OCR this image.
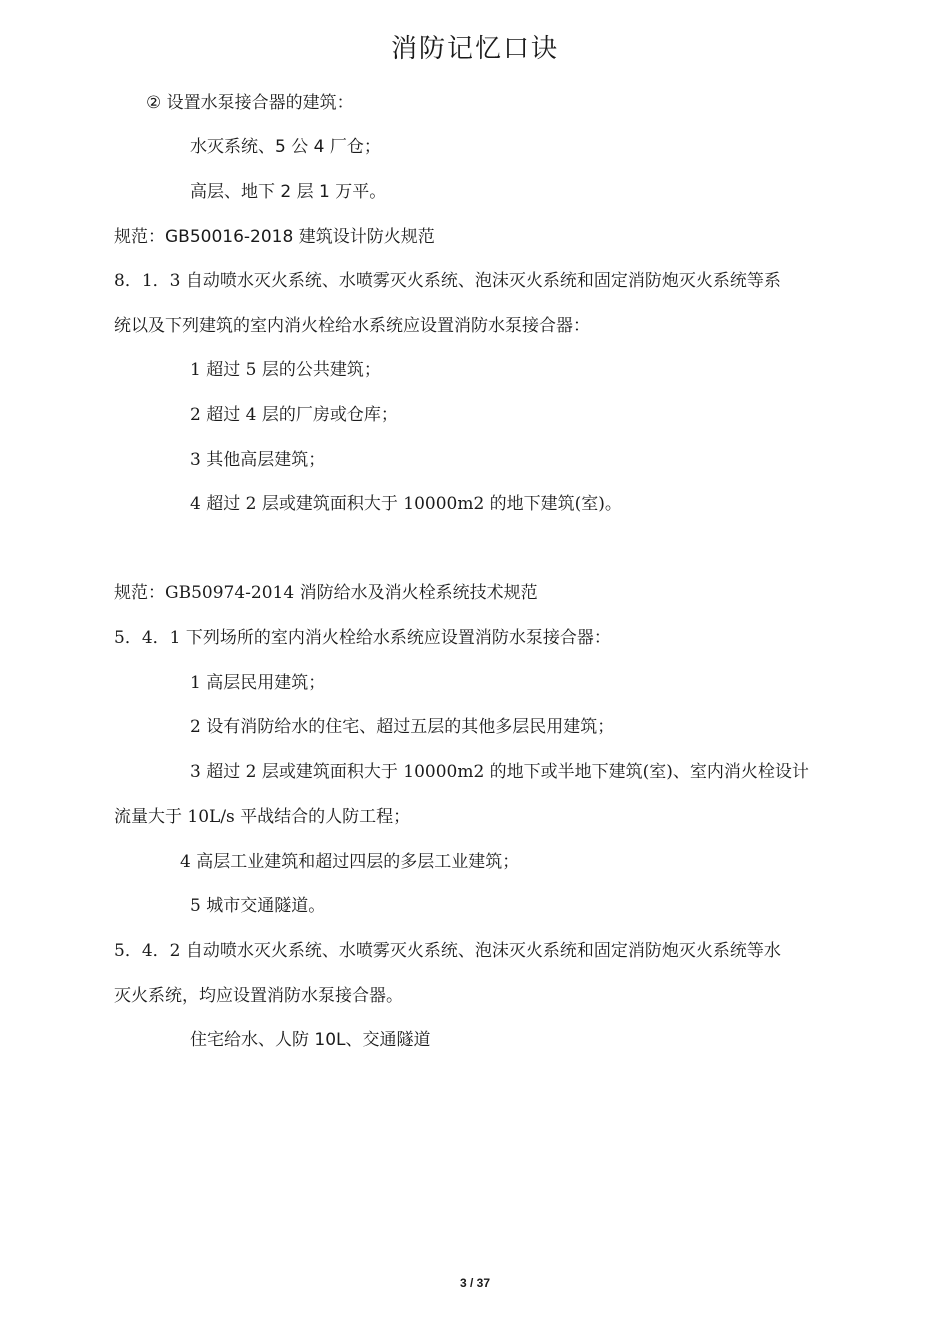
消防记忆口诀
② 设置水泵接合器的建筑：
水灭系统、5 公 4 厂仓；
高层、地下 2 层 1 万平。
规范：GB50016-2018 建筑设计防火规范
8．1．3 自动喷水灭火系统、水喷雾灭火系统、泡沫灭火系统和固定消防炮灭火系统等系
统以及下列建筑的室内消火栓给水系统应设置消防水泵接合器：
1 超过 5 层的公共建筑；
2 超过 4 层的厂房或仓库；
3 其他高层建筑；
4 超过 2 层或建筑面积大于 10000m2 的地下建筑(室)。
规范：GB50974-2014 消防给水及消火栓系统技术规范
5．4．1 下列场所的室内消火栓给水系统应设置消防水泵接合器：
1 高层民用建筑；
2 设有消防给水的住宅、超过五层的其他多层民用建筑；
3 超过 2 层或建筑面积大于 10000m2 的地下或半地下建筑(室)、室内消火栓设计
流量大于 10L/s 平战结合的人防工程；
4 高层工业建筑和超过四层的多层工业建筑；
5 城市交通隧道。
5．4．2 自动喷水灭火系统、水喷雾灭火系统、泡沫灭火系统和固定消防炮灭火系统等水
灭火系统，均应设置消防水泵接合器。
住宅给水、人防 10L、交通隧道
3 / 37
